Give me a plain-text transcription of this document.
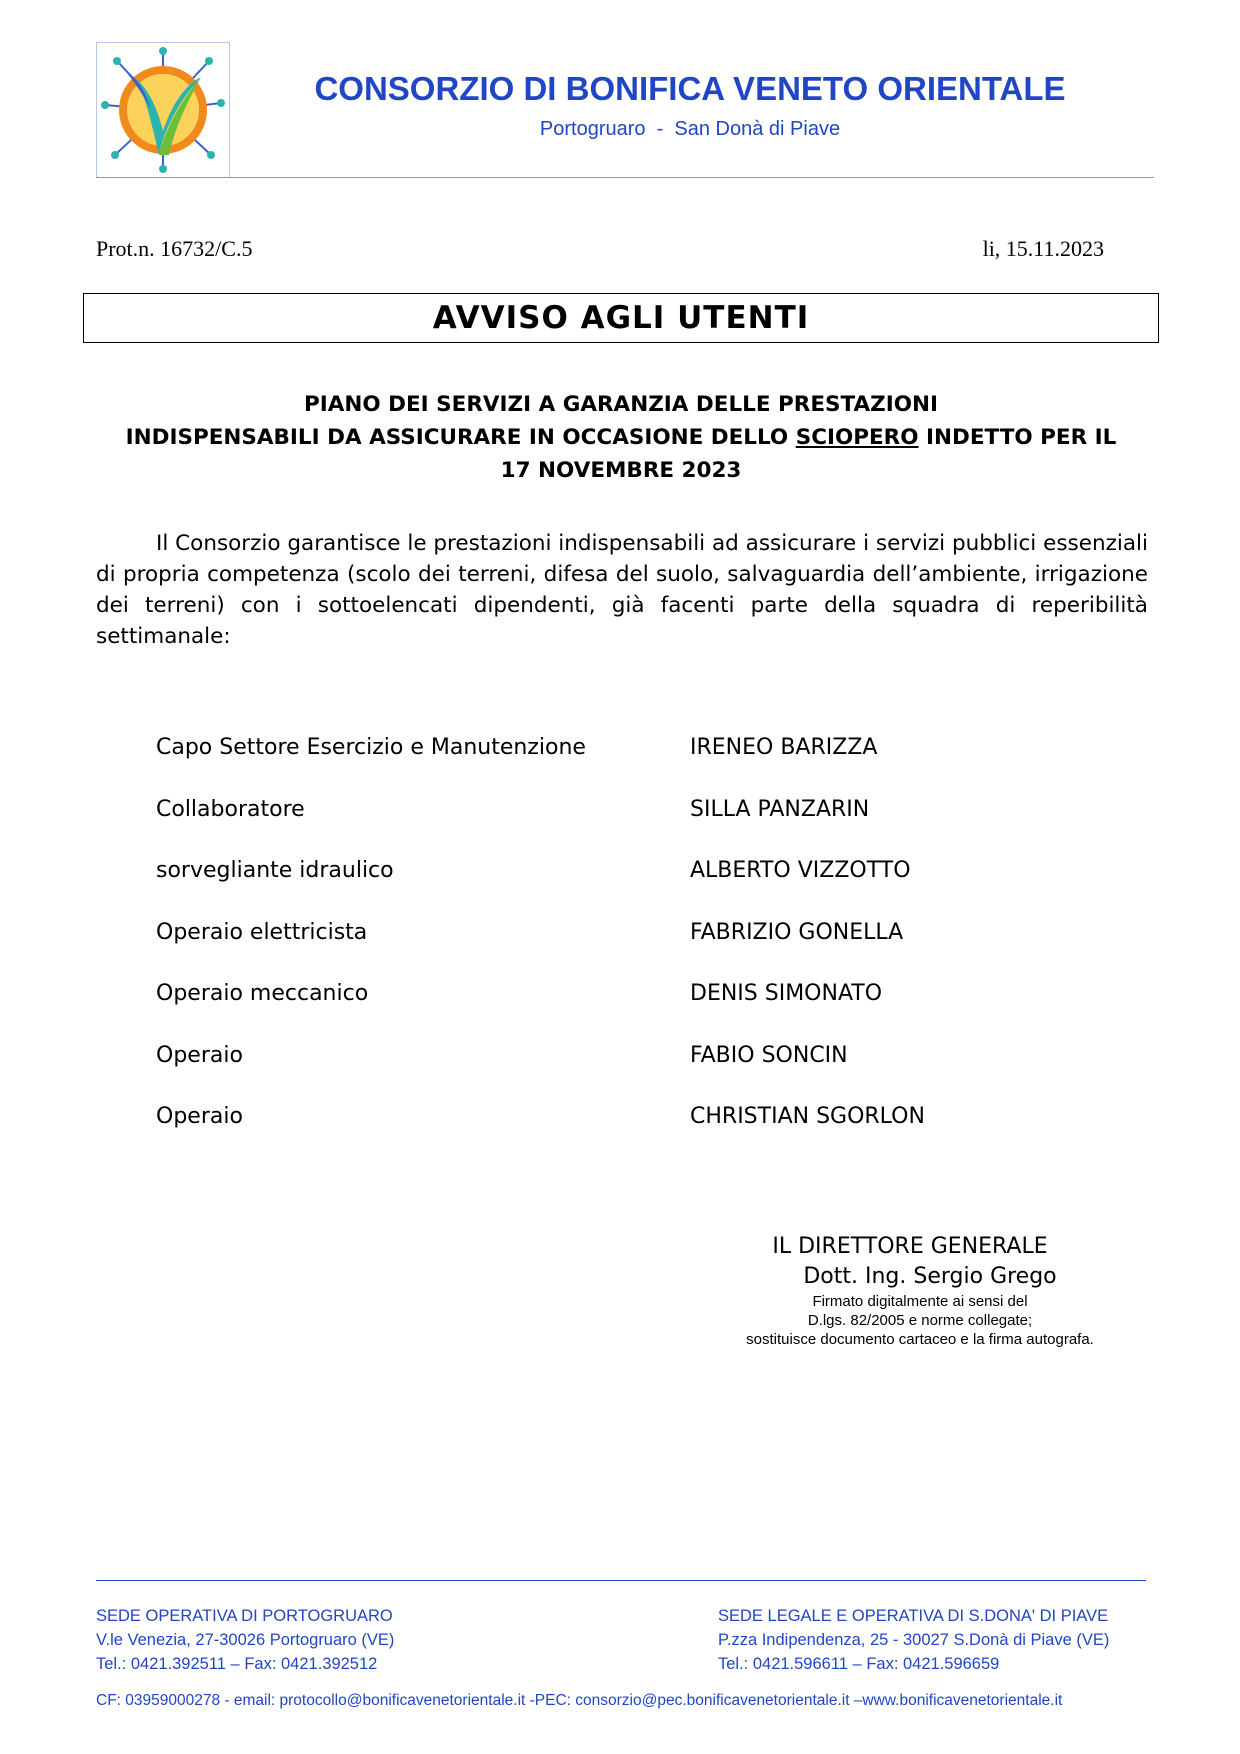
CONSORZIO DI BONIFICA VENETO ORIENTALE
Portogruaro  -  San Donà di Piave
Prot.n. 16732/C.5	li, 15.11.2023
AVVISO AGLI UTENTI
PIANO DEI SERVIZI A GARANZIA DELLE PRESTAZIONI
INDISPENSABILI DA ASSICURARE IN OCCASIONE DELLO SCIOPERO INDETTO PER IL
17 NOVEMBRE 2023
Il Consorzio garantisce le prestazioni indispensabili ad assicurare i servizi pubblici essenziali di propria competenza (scolo dei terreni, difesa del suolo, salvaguardia dell’ambiente, irrigazione dei terreni) con i sottoelencati dipendenti, già facenti parte della squadra di reperibilità settimanale:
Capo Settore Esercizio e Manutenzione	IRENEO BARIZZA
Collaboratore	SILLA PANZARIN
sorvegliante idraulico	ALBERTO VIZZOTTO
Operaio elettricista	FABRIZIO GONELLA
Operaio meccanico	DENIS SIMONATO
Operaio	FABIO SONCIN
Operaio	CHRISTIAN SGORLON
IL DIRETTORE GENERALE
Dott. Ing. Sergio Grego
Firmato digitalmente ai sensi del
D.lgs. 82/2005 e norme collegate;
sostituisce documento cartaceo e la firma autografa.
SEDE OPERATIVA DI PORTOGRUARO
V.le Venezia, 27-30026 Portogruaro (VE)
Tel.: 0421.392511 – Fax: 0421.392512
SEDE LEGALE E OPERATIVA DI S.DONA' DI PIAVE
P.zza Indipendenza, 25 - 30027 S.Donà di Piave (VE)
Tel.: 0421.596611 – Fax: 0421.596659
CF: 03959000278 - email: protocollo@bonificavenetorientale.it -PEC: consorzio@pec.bonificavenetorientale.it –www.bonificavenetorientale.it
